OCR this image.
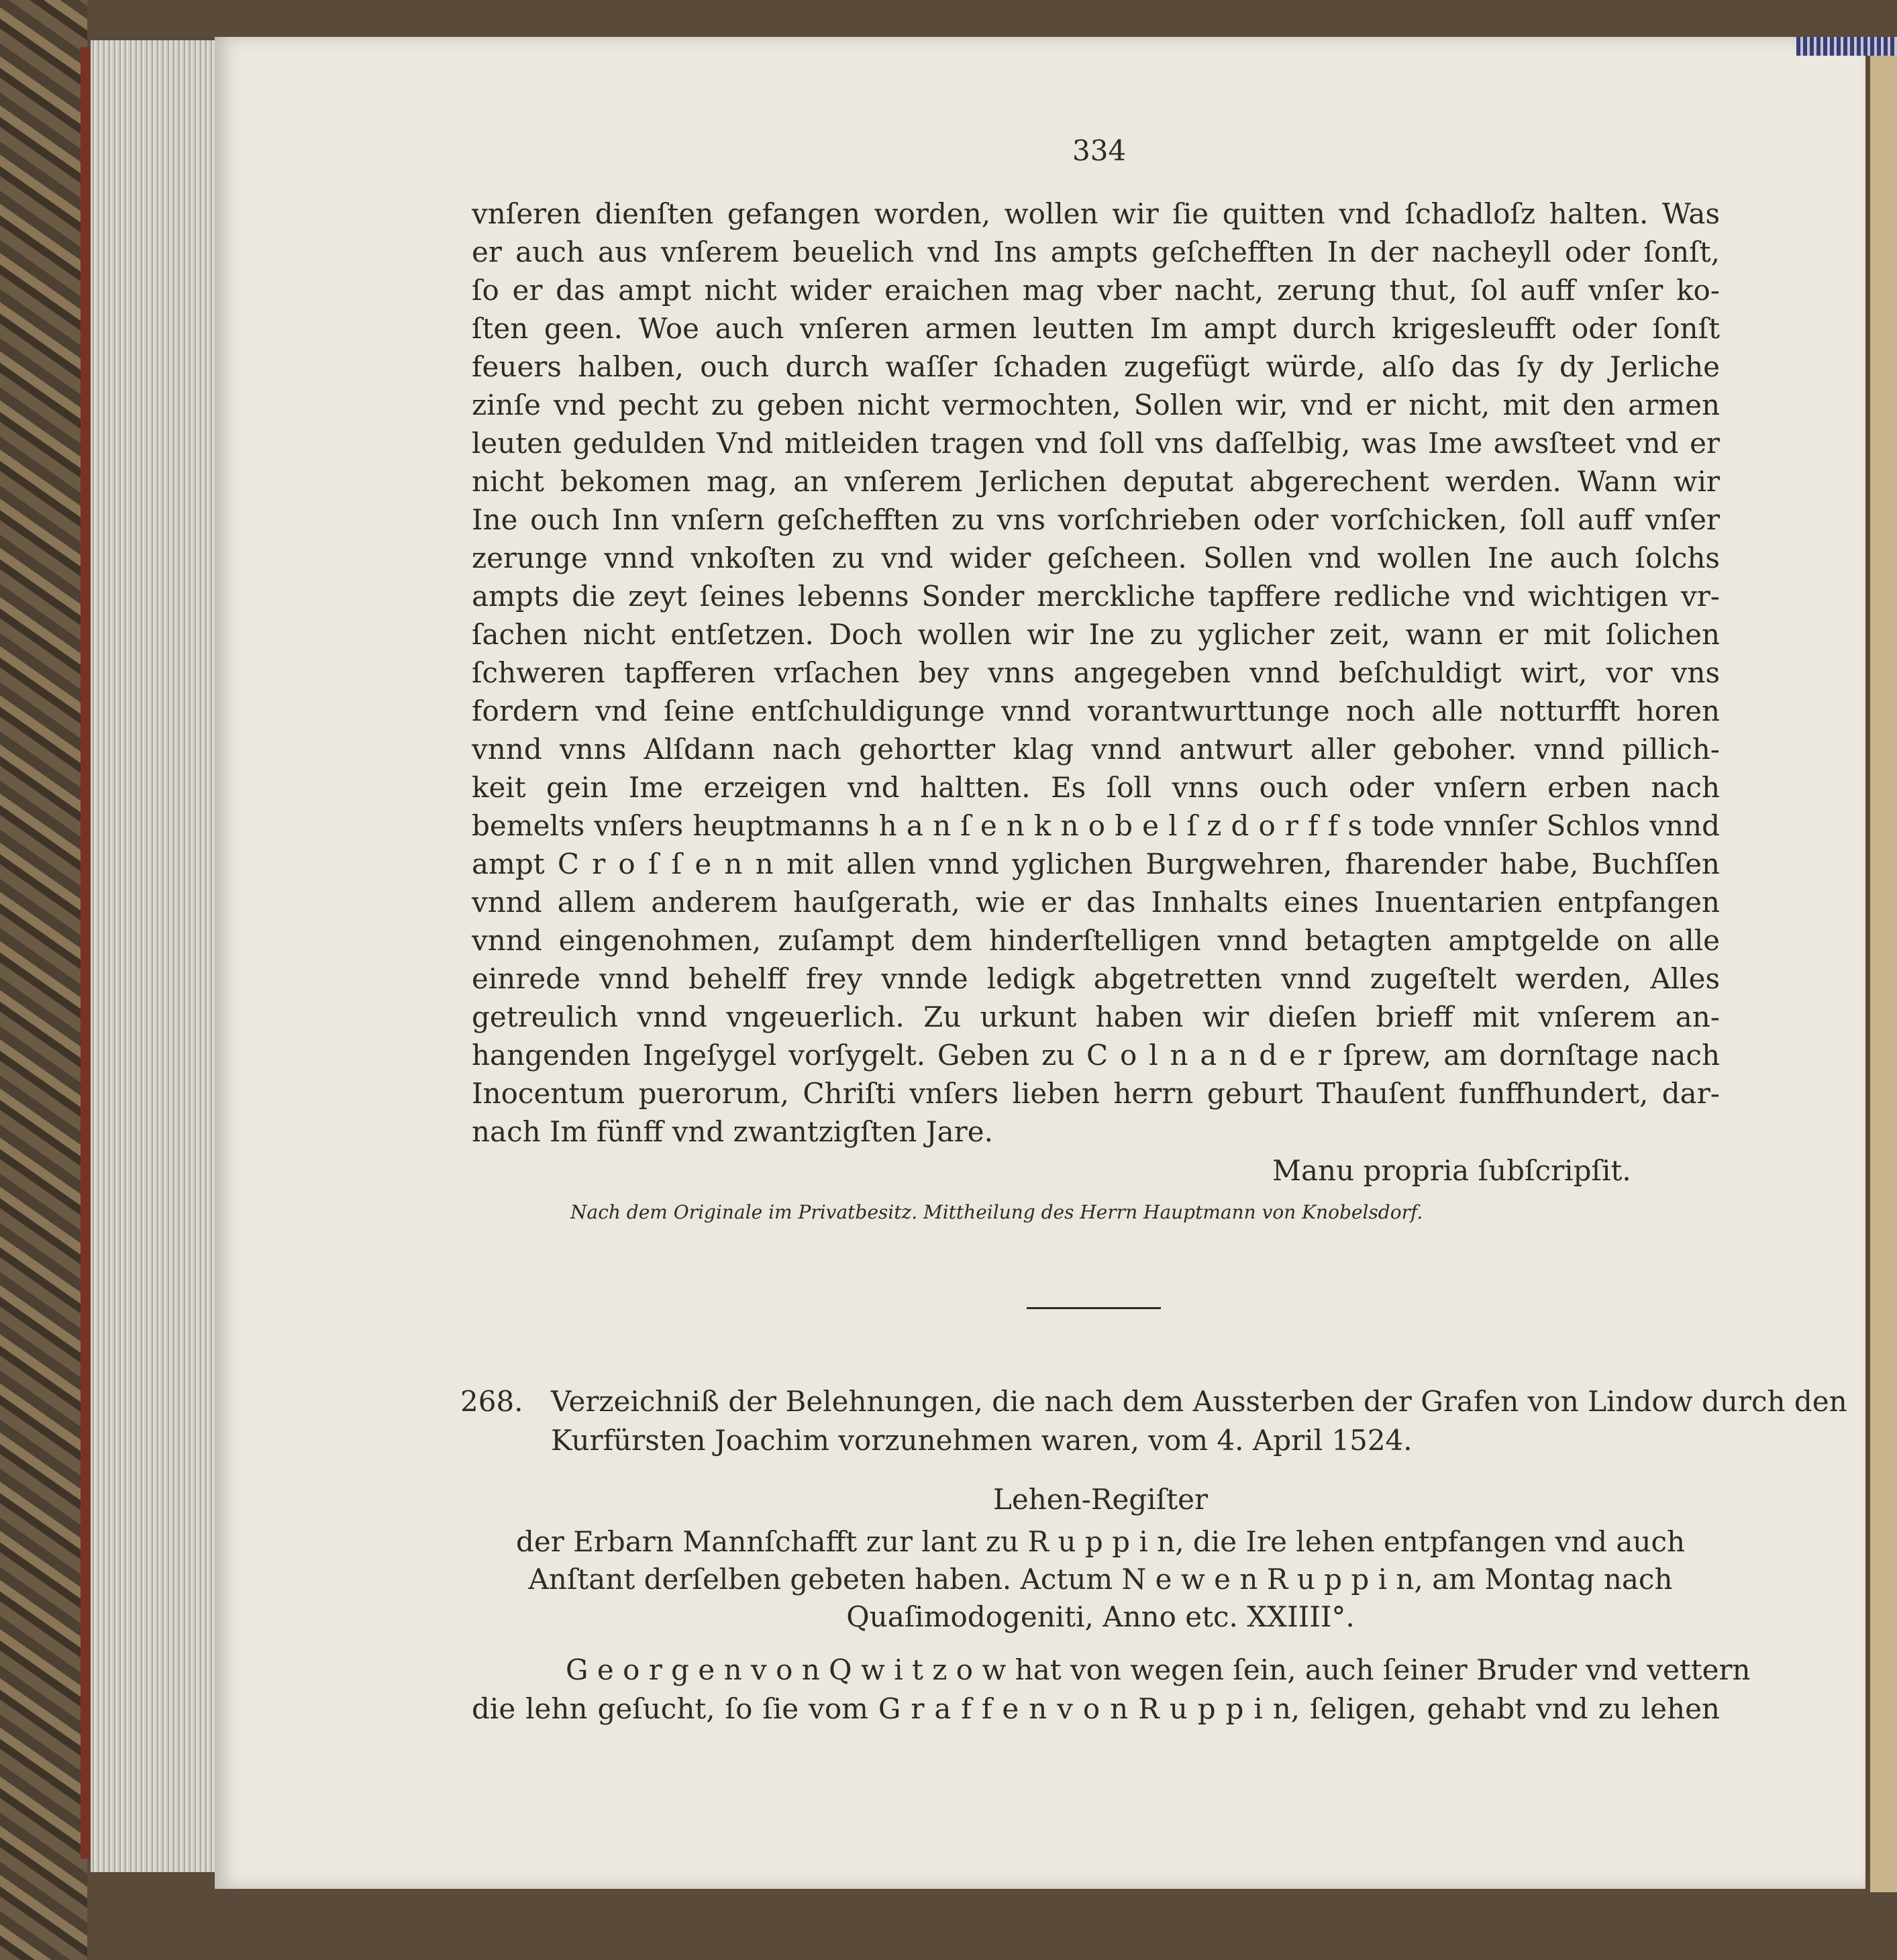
334
vnſeren dienſten gefangen worden, wollen wir ſie quitten vnd ſchadloſz halten. Was
er auch aus vnſerem beuelich vnd Ins ampts geſchefften In der nacheyll oder ſonſt,
ſo er das ampt nicht wider eraichen mag vber nacht, zerung thut, ſol auff vnſer ko-
ſten geen. Woe auch vnſeren armen leutten Im ampt durch krigesleufft oder ſonſt
feuers halben, ouch durch waſſer ſchaden zugefügt würde, alſo das ſy dy Jerliche
zinſe vnd pecht zu geben nicht vermochten, Sollen wir, vnd er nicht, mit den armen
leuten gedulden Vnd mitleiden tragen vnd ſoll vns daſſelbig, was Ime awsſteet vnd er
nicht bekomen mag, an vnſerem Jerlichen deputat abgerechent werden. Wann wir
Ine ouch Inn vnſern geſchefften zu vns vorſchrieben oder vorſchicken, ſoll auff vnſer
zerunge vnnd vnkoſten zu vnd wider geſcheen. Sollen vnd wollen Ine auch ſolchs
ampts die zeyt ſeines lebenns Sonder merckliche tapffere redliche vnd wichtigen vr-
ſachen nicht entſetzen. Doch wollen wir Ine zu yglicher zeit, wann er mit ſolichen
ſchweren tapfferen vrſachen bey vnns angegeben vnnd beſchuldigt wirt, vor vns
fordern vnd ſeine entſchuldigunge vnnd vorantwurttunge noch alle notturfft horen
vnnd vnns Alſdann nach gehortter klag vnnd antwurt aller geboher. vnnd pillich-
keit gein Ime erzeigen vnd haltten. Es ſoll vnns ouch oder vnſern erben nach
bemelts vnſers heuptmanns h a n ſ e n k n o b e l ſ z d o r f f s tode vnnſer Schlos vnnd
ampt C r o ſ ſ e n n mit allen vnnd yglichen Burgwehren, fharender habe, Buchſſen
vnnd allem anderem hauſgerath, wie er das Innhalts eines Inuentarien entpfangen
vnnd eingenohmen, zuſampt dem hinderſtelligen vnnd betagten amptgelde on alle
einrede vnnd behelff frey vnnde ledigk abgetretten vnnd zugeſtelt werden, Alles
getreulich vnnd vngeuerlich. Zu urkunt haben wir dieſen brieff mit vnſerem an-
hangenden Ingeſygel vorſygelt. Geben zu C o l n a n d e r ſprew, am dornſtage nach
Inocentum puerorum, Chriſti vnſers lieben herrn geburt Thauſent funffhundert, dar-
nach Im fünff vnd zwantzigſten Jare.
Manu propria ſubſcripſit.
Nach dem Originale im Privatbesitz. Mittheilung des Herrn Hauptmann von Knobelsdorf.
268. Verzeichniß der Belehnungen, die nach dem Aussterben der Grafen von Lindow durch den
Kurfürsten Joachim vorzunehmen waren, vom 4. April 1524.
Lehen-Regiſter
der Erbarn Mannſchafft zur lant zu R u p p i n, die Ire lehen entpfangen vnd auch
Anſtant derſelben gebeten haben. Actum N e w e n R u p p i n, am Montag nach
Quaſimodogeniti, Anno etc. XXIIII°.
G e o r g e n v o n Q w i t z o w hat von wegen ſein, auch ſeiner Bruder vnd vettern
die lehn geſucht, ſo ſie vom G r a f f e n v o n R u p p i n, ſeligen, gehabt vnd zu lehen
